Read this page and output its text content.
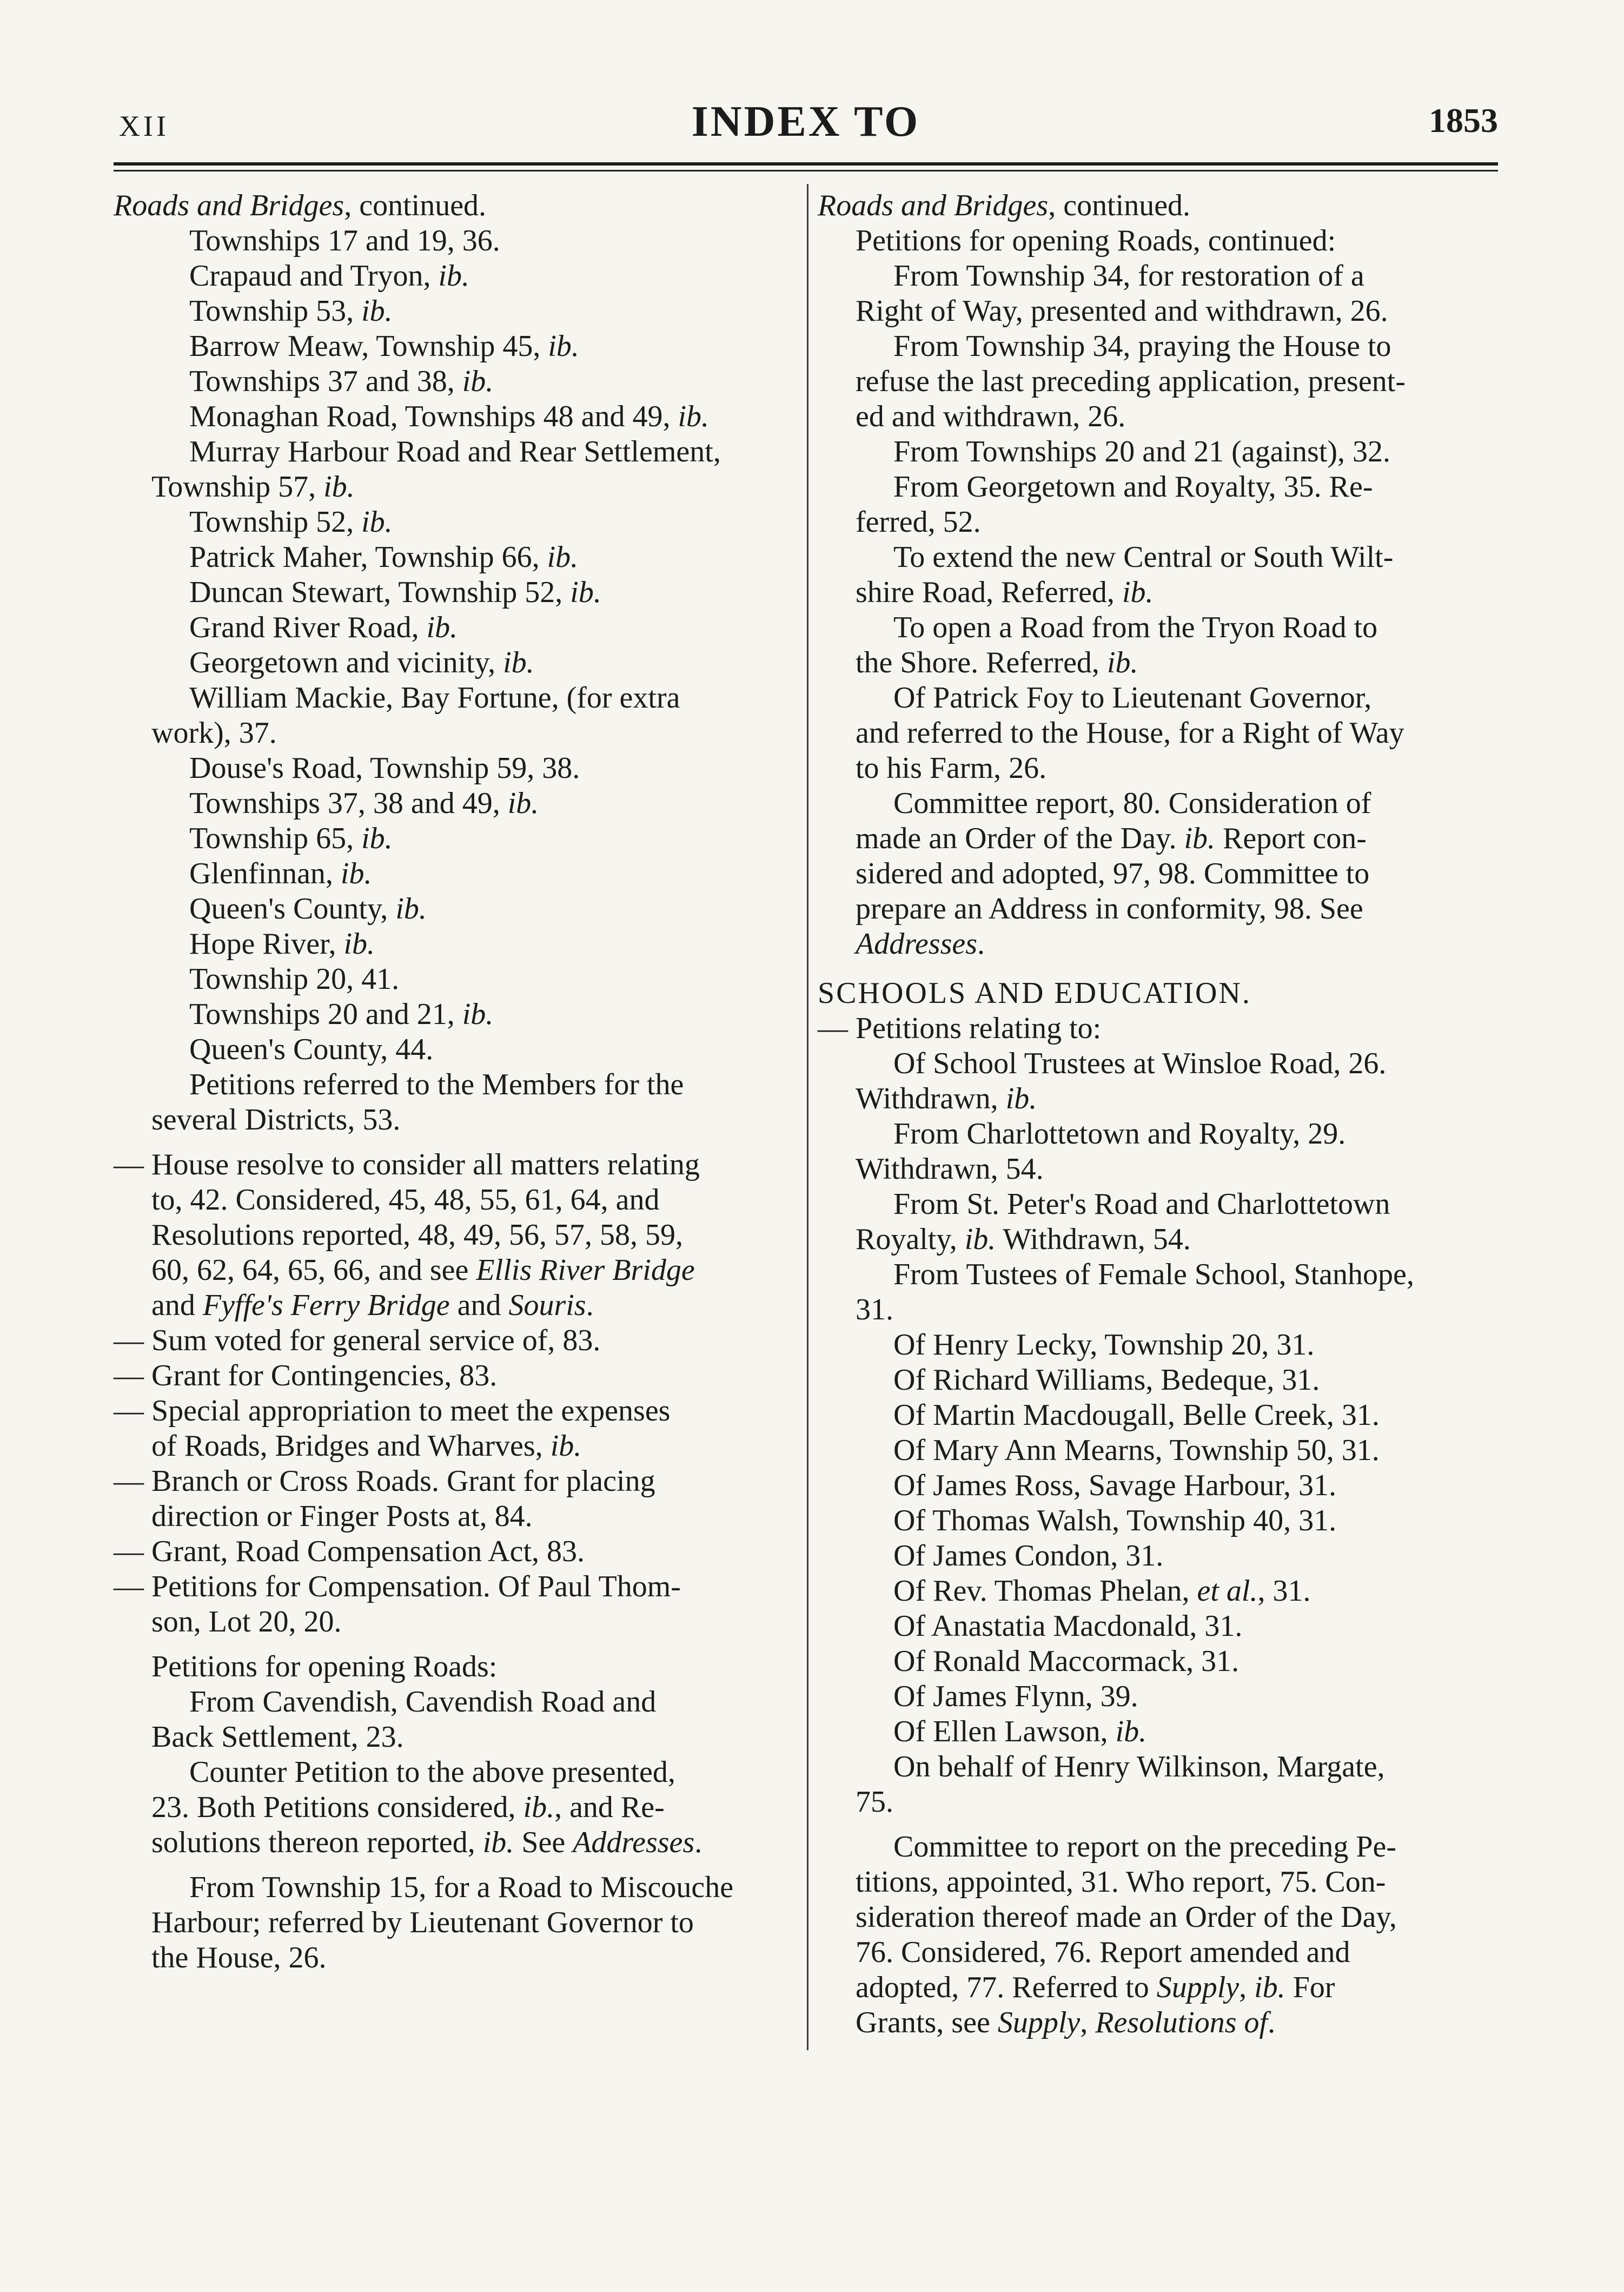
XII	INDEX TO	1853
Roads and Bridges, continued.
Townships 17 and 19, 36.
Crapaud and Tryon, ib.
Township 53, ib.
Barrow Meaw, Township 45, ib.
Townships 37 and 38, ib.
Monaghan Road, Townships 48 and 49, ib.
Murray Harbour Road and Rear Settlement,
Township 57, ib.
Township 52, ib.
Patrick Maher, Township 66, ib.
Duncan Stewart, Township 52, ib.
Grand River Road, ib.
Georgetown and vicinity, ib.
William Mackie, Bay Fortune, (for extra
work), 37.
Douse's Road, Township 59, 38.
Townships 37, 38 and 49, ib.
Township 65, ib.
Glenfinnan, ib.
Queen's County, ib.
Hope River, ib.
Township 20, 41.
Townships 20 and 21, ib.
Queen's County, 44.
Petitions referred to the Members for the
several Districts, 53.
— House resolve to consider all matters relating
to, 42. Considered, 45, 48, 55, 61, 64, and
Resolutions reported, 48, 49, 56, 57, 58, 59,
60, 62, 64, 65, 66, and see Ellis River Bridge
and Fyffe's Ferry Bridge and Souris.
— Sum voted for general service of, 83.
— Grant for Contingencies, 83.
— Special appropriation to meet the expenses
of Roads, Bridges and Wharves, ib.
— Branch or Cross Roads. Grant for placing
direction or Finger Posts at, 84.
— Grant, Road Compensation Act, 83.
— Petitions for Compensation. Of Paul Thom-
son, Lot 20, 20.
Petitions for opening Roads:
From Cavendish, Cavendish Road and
Back Settlement, 23.
Counter Petition to the above presented,
23. Both Petitions considered, ib., and Re-
solutions thereon reported, ib. See Addresses.
From Township 15, for a Road to Miscouche
Harbour; referred by Lieutenant Governor to
the House, 26.
Roads and Bridges, continued.
Petitions for opening Roads, continued:
From Township 34, for restoration of a
Right of Way, presented and withdrawn, 26.
From Township 34, praying the House to
refuse the last preceding application, present-
ed and withdrawn, 26.
From Townships 20 and 21 (against), 32.
From Georgetown and Royalty, 35. Re-
ferred, 52.
To extend the new Central or South Wilt-
shire Road, Referred, ib.
To open a Road from the Tryon Road to
the Shore. Referred, ib.
Of Patrick Foy to Lieutenant Governor,
and referred to the House, for a Right of Way
to his Farm, 26.
Committee report, 80. Consideration of
made an Order of the Day. ib. Report con-
sidered and adopted, 97, 98. Committee to
prepare an Address in conformity, 98. See
Addresses.
SCHOOLS AND EDUCATION.
— Petitions relating to:
Of School Trustees at Winsloe Road, 26.
Withdrawn, ib.
From Charlottetown and Royalty, 29.
Withdrawn, 54.
From St. Peter's Road and Charlottetown
Royalty, ib. Withdrawn, 54.
From Tustees of Female School, Stanhope,
31.
Of Henry Lecky, Township 20, 31.
Of Richard Williams, Bedeque, 31.
Of Martin Macdougall, Belle Creek, 31.
Of Mary Ann Mearns, Township 50, 31.
Of James Ross, Savage Harbour, 31.
Of Thomas Walsh, Township 40, 31.
Of James Condon, 31.
Of Rev. Thomas Phelan, et al., 31.
Of Anastatia Macdonald, 31.
Of Ronald Maccormack, 31.
Of James Flynn, 39.
Of Ellen Lawson, ib.
On behalf of Henry Wilkinson, Margate,
75.
Committee to report on the preceding Pe-
titions, appointed, 31. Who report, 75. Con-
sideration thereof made an Order of the Day,
76. Considered, 76. Report amended and
adopted, 77. Referred to Supply, ib. For
Grants, see Supply, Resolutions of.
